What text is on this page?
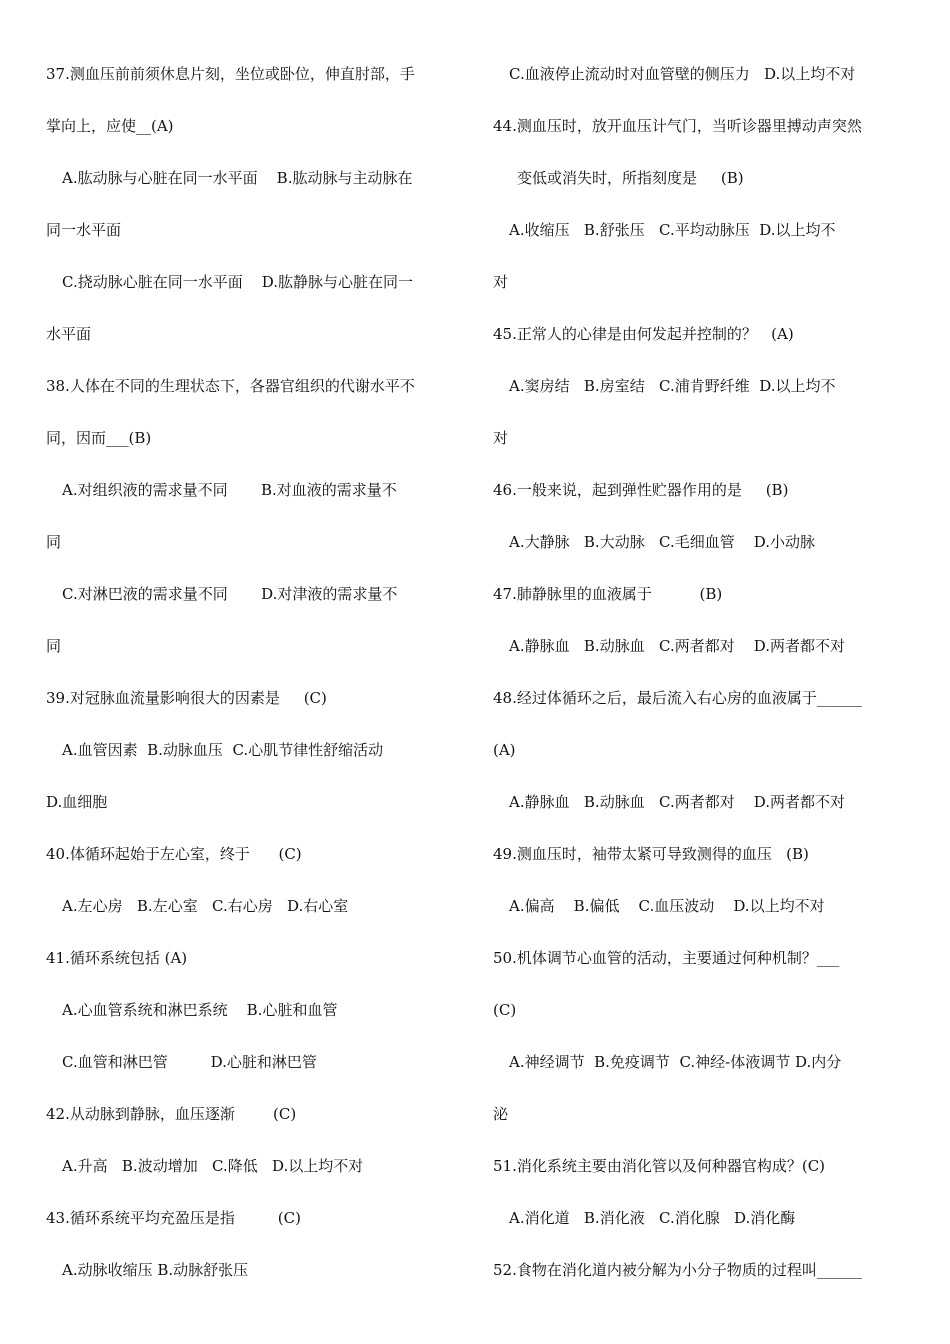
37.测血压前前须休息片刻，坐位或卧位，伸直肘部，手
掌向上，应使__(A)
A.肱动脉与心脏在同一水平面    B.肱动脉与主动脉在
同一水平面
C.挠动脉心脏在同一水平面    D.肱静脉与心脏在同一
水平面
38.人体在不同的生理状态下，各器官组织的代谢水平不
同，因而___(B)
A.对组织液的需求量不同       B.对血液的需求量不
同
C.对淋巴液的需求量不同       D.对津液的需求量不
同
39.对冠脉血流量影响很大的因素是     (C)
A.血管因素  B.动脉血压  C.心肌节律性舒缩活动
D.血细胞
40.体循环起始于左心室，终于      (C)
A.左心房   B.左心室   C.右心房   D.右心室
41.循环系统包括 (A)
A.心血管系统和淋巴系统    B.心脏和血管
C.血管和淋巴管         D.心脏和淋巴管
42.从动脉到静脉，血压逐渐        (C)
A.升高   B.波动增加   C.降低   D.以上均不对
43.循环系统平均充盈压是指         (C)
A.动脉收缩压 B.动脉舒张压
C.血液停止流动时对血管壁的侧压力   D.以上均不对
44.测血压时，放开血压计气门，当听诊器里搏动声突然
变低或消失时，所指刻度是     (B)
A.收缩压   B.舒张压   C.平均动脉压  D.以上均不
对
45.正常人的心律是由何发起并控制的？   (A)
A.窦房结   B.房室结   C.浦肯野纤维  D.以上均不
对
46.一般来说，起到弹性贮器作用的是     (B)
A.大静脉   B.大动脉   C.毛细血管    D.小动脉
47.肺静脉里的血液属于          (B)
A.静脉血   B.动脉血   C.两者都对    D.两者都不对
48.经过体循环之后，最后流入右心房的血液属于______
(A)
A.静脉血   B.动脉血   C.两者都对    D.两者都不对
49.测血压时，袖带太紧可导致测得的血压   (B)
A.偏高    B.偏低    C.血压波动    D.以上均不对
50.机体调节心血管的活动，主要通过何种机制？___
(C)
A.神经调节  B.免疫调节  C.神经-体液调节 D.内分
泌
51.消化系统主要由消化管以及何种器官构成？(C)
A.消化道   B.消化液   C.消化腺   D.消化酶
52.食物在消化道内被分解为小分子物质的过程叫______
